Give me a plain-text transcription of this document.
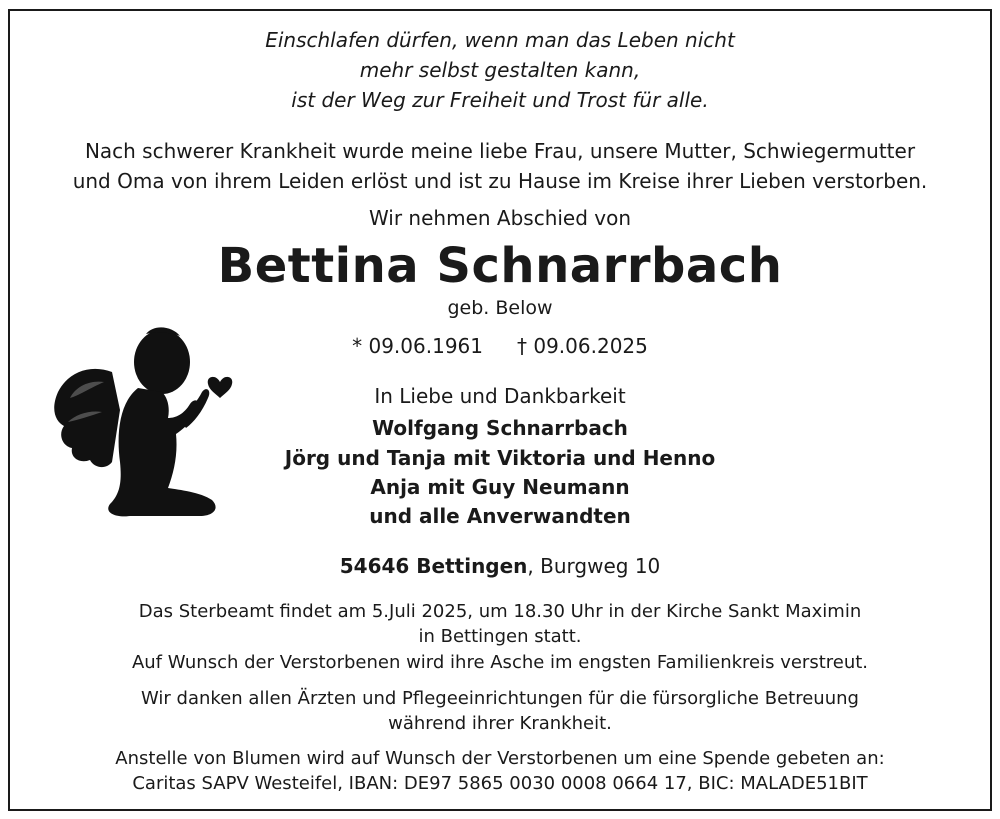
Einschlafen dürfen, wenn man das Leben nicht
mehr selbst gestalten kann,
ist der Weg zur Freiheit und Trost für alle.
Nach schwerer Krankheit wurde meine liebe Frau, unsere Mutter, Schwiegermutter
und Oma von ihrem Leiden erlöst und ist zu Hause im Kreise ihrer Lieben verstorben.
Wir nehmen Abschied von
Bettina Schnarrbach
geb. Below
* 09.06.1961 † 09.06.2025
In Liebe und Dankbarkeit
Wolfgang Schnarrbach
Jörg und Tanja mit Viktoria und Henno
Anja mit Guy Neumann
und alle Anverwandten
54646 Bettingen, Burgweg 10
Das Sterbeamt findet am 5.Juli 2025, um 18.30 Uhr in der Kirche Sankt Maximin
in Bettingen statt.
Auf Wunsch der Verstorbenen wird ihre Asche im engsten Familienkreis verstreut.
Wir danken allen Ärzten und Pflegeeinrichtungen für die fürsorgliche Betreuung
während ihrer Krankheit.
Anstelle von Blumen wird auf Wunsch der Verstorbenen um eine Spende gebeten an:
Caritas SAPV Westeifel, IBAN: DE97 5865 0030 0008 0664 17, BIC: MALADE51BIT
